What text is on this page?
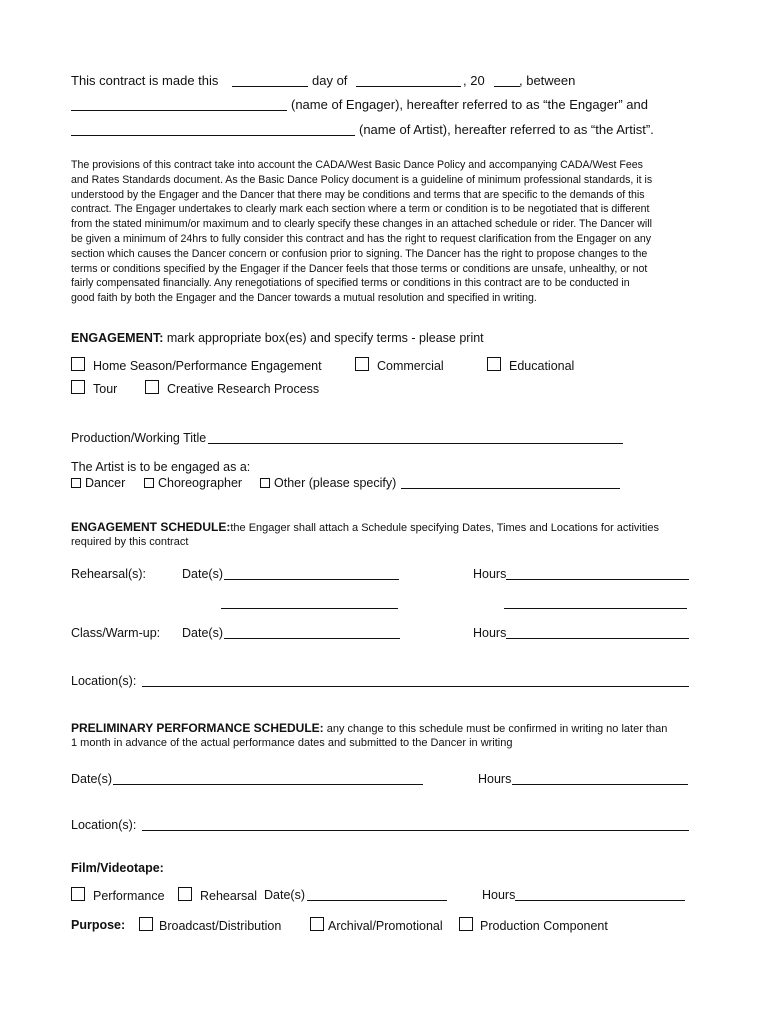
This contract is made this	day of	, 20	, between
(name of Engager), hereafter referred to as “the Engager” and
(name of Artist), hereafter referred to as “the Artist”.
The provisions of this contract take into account the CADA/West Basic Dance Policy and accompanying CADA/West Fees
and Rates Standards document. As the Basic Dance Policy document is a guideline of minimum professional standards, it is
understood by the Engager and the Dancer that there may be conditions and terms that are specific to the demands of this
contract. The Engager undertakes to clearly mark each section where a term or condition is to be negotiated that is different
from the stated minimum/or maximum and to clearly specify these changes in an attached schedule or rider. The Dancer will
be given a minimum of 24hrs to fully consider this contract and has the right to request clarification from the Engager on any
section which causes the Dancer concern or confusion prior to signing. The Dancer has the right to propose changes to the
terms or conditions specified by the Engager if the Dancer feels that those terms or conditions are unsafe, unhealthy, or not
fairly compensated financially. Any renegotiations of specified terms or conditions in this contract are to be conducted in
good faith by both the Engager and the Dancer towards a mutual resolution and specified in writing.
ENGAGEMENT: mark appropriate box(es) and specify terms - please print
Home Season/Performance Engagement	Commercial	Educational
Tour	Creative Research Process
Production/Working Title
The Artist is to be engaged as a:
Dancer	Choreographer	Other (please specify)
ENGAGEMENT SCHEDULE:the Engager shall attach a Schedule specifying Dates, Times and Locations for activities
required by this contract
Rehearsal(s):	Date(s)	Hours
Class/Warm-up: Date(s)	Hours
Location(s):
PRELIMINARY PERFORMANCE SCHEDULE: any change to this schedule must be confirmed in writing no later than
1 month in advance of the actual performance dates and submitted to the Dancer in writing
Date(s)	Hours
Location(s):
Film/Videotape:
Performance	Rehearsal Date(s)	Hours
Purpose:	Broadcast/Distribution	Archival/Promotional	Production Component
